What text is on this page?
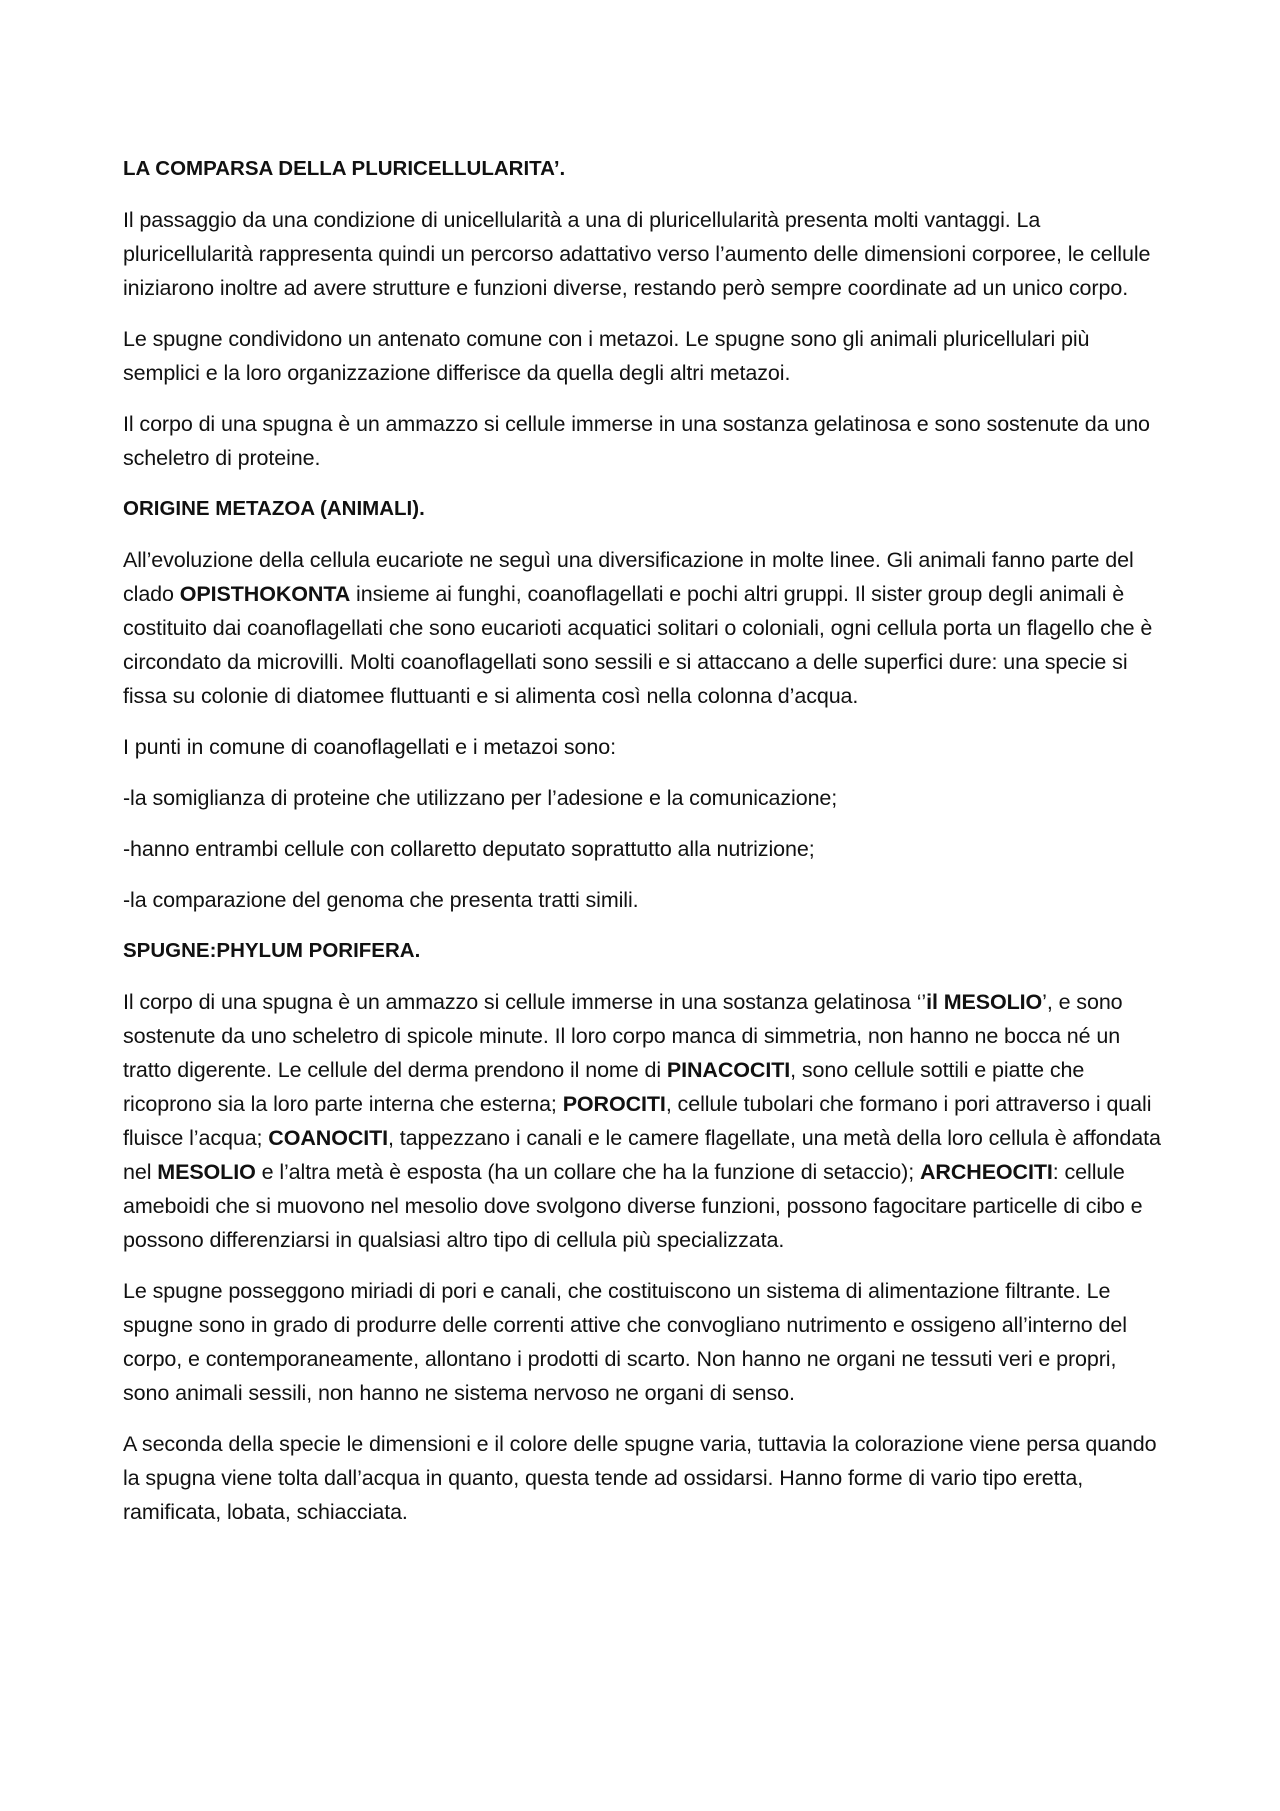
LA COMPARSA DELLA PLURICELLULARITA’.

Il passaggio da una condizione di unicellularità a una di pluricellularità presenta molti vantaggi. La pluricellularità rappresenta quindi un percorso adattativo verso l’aumento delle dimensioni corporee, le cellule iniziarono inoltre ad avere strutture e funzioni diverse, restando però sempre coordinate ad un unico corpo.

Le spugne condividono un antenato comune con i metazoi. Le spugne sono gli animali pluricellulari più semplici e la loro organizzazione differisce da quella degli altri metazoi.

Il corpo di una spugna è un ammazzo si cellule immerse in una sostanza gelatinosa e sono sostenute da uno scheletro di proteine.

ORIGINE METAZOA (ANIMALI).

All’evoluzione della cellula eucariote ne seguì una diversificazione in molte linee. Gli animali fanno parte del clado OPISTHOKONTA insieme ai funghi, coanoflagellati e pochi altri gruppi. Il sister group degli animali è costituito dai coanoflagellati che sono eucarioti acquatici solitari o coloniali, ogni cellula porta un flagello che è circondato da microvilli. Molti coanoflagellati sono sessili e si attaccano a delle superfici dure: una specie si fissa su colonie di diatomee fluttuanti e si alimenta così nella colonna d’acqua.

I punti in comune di coanoflagellati e i metazoi sono:

-la somiglianza di proteine che utilizzano per l’adesione e la comunicazione;

-hanno entrambi cellule con collaretto deputato soprattutto alla nutrizione;

-la comparazione del genoma che presenta tratti simili.

SPUGNE:PHYLUM PORIFERA.

Il corpo di una spugna è un ammazzo si cellule immerse in una sostanza gelatinosa ‘’il MESOLIO’, e sono sostenute da uno scheletro di spicole minute. Il loro corpo manca di simmetria, non hanno ne bocca né un tratto digerente. Le cellule del derma prendono il nome di PINACOCITI, sono cellule sottili e piatte che ricoprono sia la loro parte interna che esterna; POROCITI, cellule tubolari che formano i pori attraverso i quali fluisce l’acqua; COANOCITI, tappezzano i canali e le camere flagellate, una metà della loro cellula è affondata nel MESOLIO e l’altra metà è esposta (ha un collare che ha la funzione di setaccio); ARCHEOCITI: cellule ameboidi che si muovono nel mesolio dove svolgono diverse funzioni, possono fagocitare particelle di cibo e possono differenziarsi in qualsiasi altro tipo di cellula più specializzata.

Le spugne posseggono miriadi di pori e canali, che costituiscono un sistema di alimentazione filtrante. Le spugne sono in grado di produrre delle correnti attive che convogliano nutrimento e ossigeno all’interno del corpo, e contemporaneamente, allontano i prodotti di scarto. Non hanno ne organi ne tessuti veri e propri, sono animali sessili, non hanno ne sistema nervoso ne organi di senso.

A seconda della specie le dimensioni e il colore delle spugne varia, tuttavia la colorazione viene persa quando la spugna viene tolta dall’acqua in quanto, questa tende ad ossidarsi. Hanno forme di vario tipo eretta, ramificata, lobata, schiacciata.
